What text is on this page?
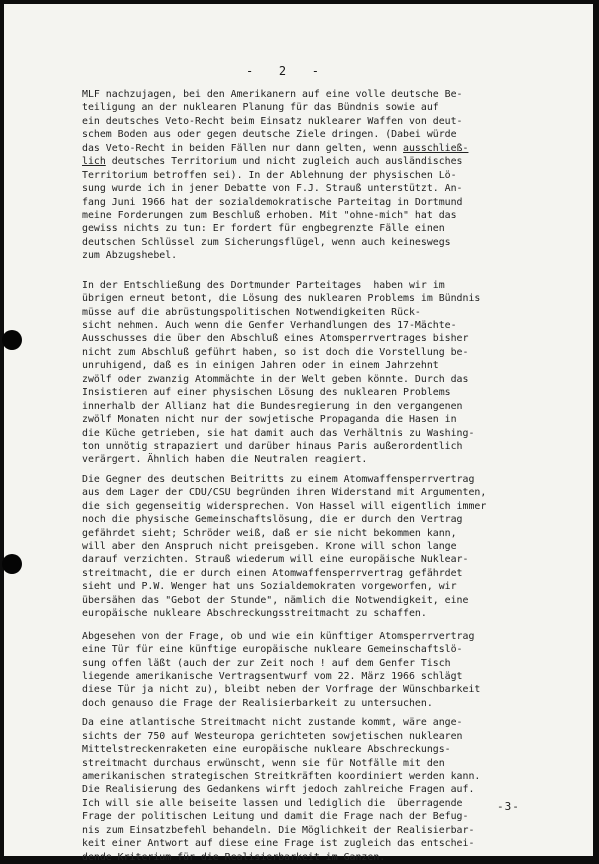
-   2   -
MLF nachzujagen, bei den Amerikanern auf eine volle deutsche Be-
teiligung an der nuklearen Planung für das Bündnis sowie auf
ein deutsches Veto-Recht beim Einsatz nuklearer Waffen von deut-
schem Boden aus oder gegen deutsche Ziele dringen. (Dabei würde
das Veto-Recht in beiden Fällen nur dann gelten, wenn ausschließ-
lich deutsches Territorium und nicht zugleich auch ausländisches
Territorium betroffen sei). In der Ablehnung der physischen Lö-
sung wurde ich in jener Debatte von F.J. Strauß unterstützt. An-
fang Juni 1966 hat der sozialdemokratische Parteitag in Dortmund
meine Forderungen zum Beschluß erhoben. Mit "ohne-mich" hat das
gewiss nichts zu tun: Er fordert für engbegrenzte Fälle einen
deutschen Schlüssel zum Sicherungsflügel, wenn auch keineswegs
zum Abzugshebel.
In der Entschließung des Dortmunder Parteitages  haben wir im
übrigen erneut betont, die Lösung des nuklearen Problems im Bündnis
müsse auf die abrüstungspolitischen Notwendigkeiten Rück-
sicht nehmen. Auch wenn die Genfer Verhandlungen des 17-Mächte-
Ausschusses die über den Abschluß eines Atomsperrvertrages bisher
nicht zum Abschluß geführt haben, so ist doch die Vorstellung be-
unruhigend, daß es in einigen Jahren oder in einem Jahrzehnt
zwölf oder zwanzig Atommächte in der Welt geben könnte. Durch das
Insistieren auf einer physischen Lösung des nuklearen Problems
innerhalb der Allianz hat die Bundesregierung in den vergangenen
zwölf Monaten nicht nur der sowjetische Propaganda die Hasen in
die Küche getrieben, sie hat damit auch das Verhältnis zu Washing-
ton unnötig strapaziert und darüber hinaus Paris außerordentlich
verärgert. Ähnlich haben die Neutralen reagiert.
Die Gegner des deutschen Beitritts zu einem Atomwaffensperrvertrag
aus dem Lager der CDU/CSU begründen ihren Widerstand mit Argumenten,
die sich gegenseitig widersprechen. Von Hassel will eigentlich immer
noch die physische Gemeinschaftslösung, die er durch den Vertrag
gefährdet sieht; Schröder weiß, daß er sie nicht bekommen kann,
will aber den Anspruch nicht preisgeben. Krone will schon lange
darauf verzichten. Strauß wiederum will eine europäische Nuklear-
streitmacht, die er durch einen Atomwaffensperrvertrag gefährdet
sieht und P.W. Wenger hat uns Sozialdemokraten vorgeworfen, wir
übersähen das "Gebot der Stunde", nämlich die Notwendigkeit, eine
europäische nukleare Abschreckungsstreitmacht zu schaffen.
Abgesehen von der Frage, ob und wie ein künftiger Atomsperrvertrag
eine Tür für eine künftige europäische nukleare Gemeinschaftslö-
sung offen läßt (auch der zur Zeit noch ! auf dem Genfer Tisch
liegende amerikanische Vertragsentwurf vom 22. März 1966 schlägt
diese Tür ja nicht zu), bleibt neben der Vorfrage der Wünschbarkeit
doch genauso die Frage der Realisierbarkeit zu untersuchen.
Da eine atlantische Streitmacht nicht zustande kommt, wäre ange-
sichts der 750 auf Westeuropa gerichteten sowjetischen nuklearen
Mittelstreckenraketen eine europäische nukleare Abschreckungs-
streitmacht durchaus erwünscht, wenn sie für Notfälle mit den
amerikanischen strategischen Streitkräften koordiniert werden kann.
Die Realisierung des Gedankens wirft jedoch zahlreiche Fragen auf.
Ich will sie alle beiseite lassen und lediglich die  überragende
Frage der politischen Leitung und damit die Frage nach der Befug-
nis zum Einsatzbefehl behandeln. Die Möglichkeit der Realisierbar-
keit einer Antwort auf diese eine Frage ist zugleich das entschei-
dende Kriterium für die Realisierbarkeit im Ganzen.
-3-
